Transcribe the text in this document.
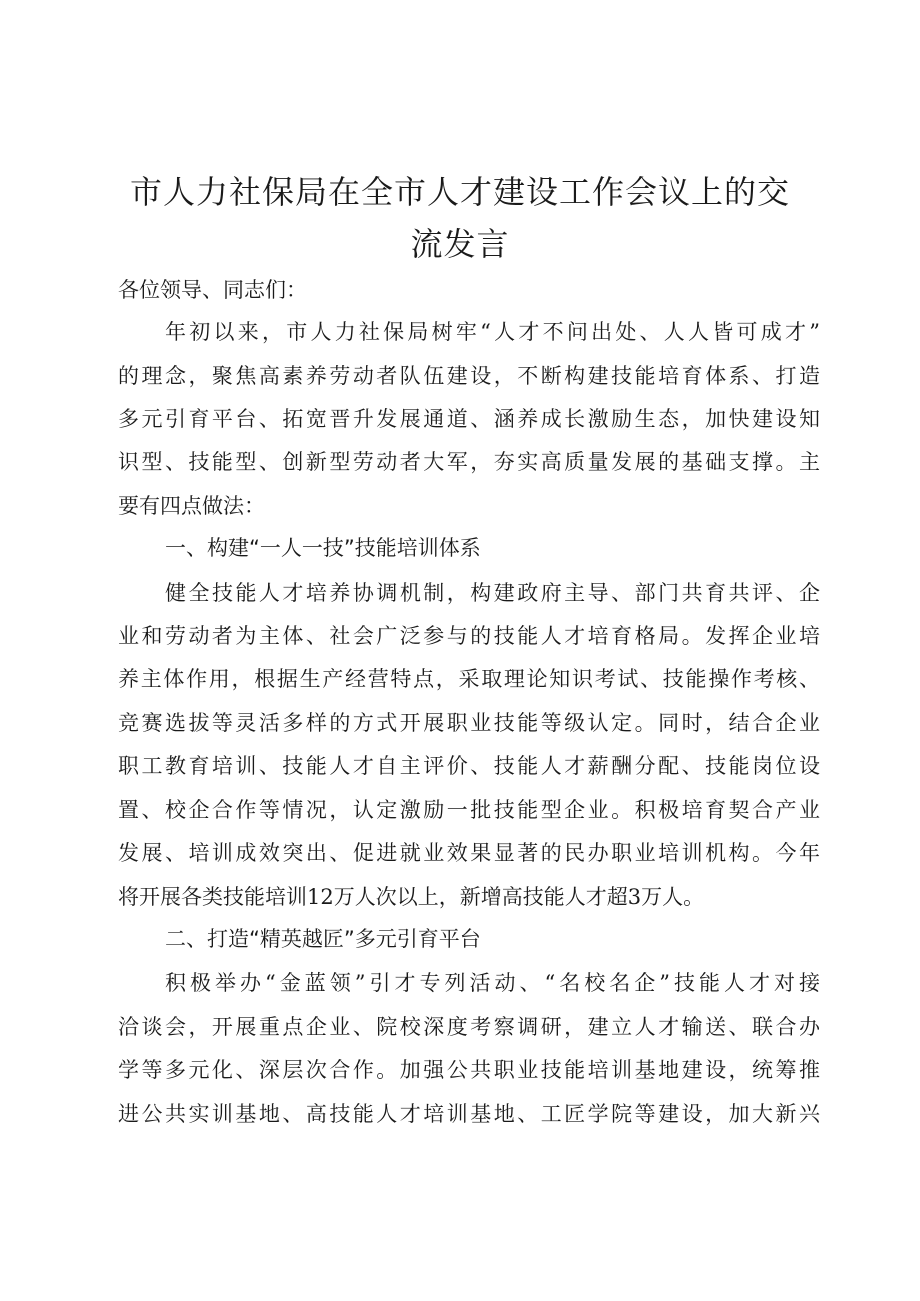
市人力社保局在全市人才建设工作会议上的交
流发言

各位领导、同志们：

年初以来，市人力社保局树牢“人才不问出处、人人皆可成才”

的理念，聚焦高素养劳动者队伍建设，不断构建技能培育体系、打造

多元引育平台、拓宽晋升发展通道、涵养成长激励生态，加快建设知

识型、技能型、创新型劳动者大军，夯实高质量发展的基础支撑。主

要有四点做法：

一、构建“一人一技”技能培训体系

健全技能人才培养协调机制，构建政府主导、部门共育共评、企

业和劳动者为主体、社会广泛参与的技能人才培育格局。发挥企业培

养主体作用，根据生产经营特点，采取理论知识考试、技能操作考核、

竞赛选拔等灵活多样的方式开展职业技能等级认定。同时，结合企业

职工教育培训、技能人才自主评价、技能人才薪酬分配、技能岗位设

置、校企合作等情况，认定激励一批技能型企业。积极培育契合产业

发展、培训成效突出、促进就业效果显著的民办职业培训机构。今年

将开展各类技能培训12万人次以上，新增高技能人才超3万人。

二、打造“精英越匠”多元引育平台

积极举办“金蓝领”引才专列活动、“名校名企”技能人才对接

洽谈会，开展重点企业、院校深度考察调研，建立人才输送、联合办

学等多元化、深层次合作。加强公共职业技能培训基地建设，统筹推

进公共实训基地、高技能人才培训基地、工匠学院等建设，加大新兴
